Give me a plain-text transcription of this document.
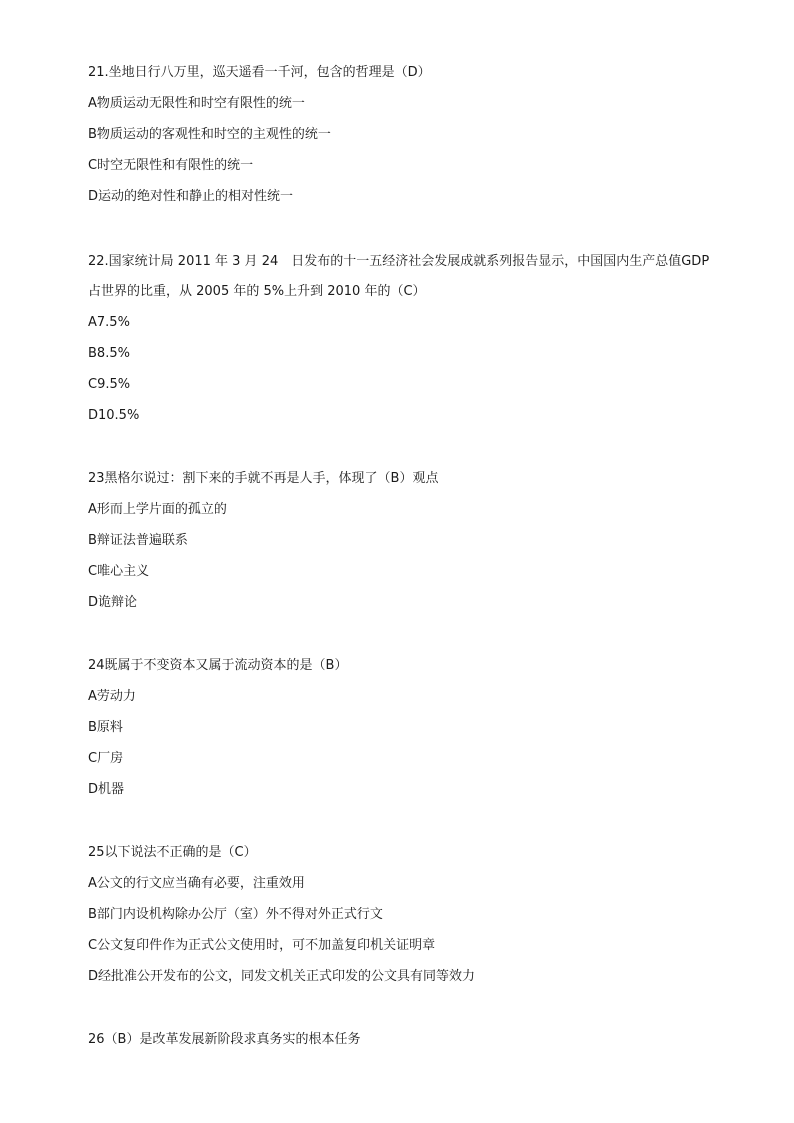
21.坐地日行八万里，巡天遥看一千河，包含的哲理是（D）
A物质运动无限性和时空有限性的统一
B物质运动的客观性和时空的主观性的统一
C时空无限性和有限性的统一
D运动的绝对性和静止的相对性统一
22.国家统计局 2011 年 3 月 24　日发布的十一五经济社会发展成就系列报告显示，中国国内生产总值GDP
占世界的比重，从 2005 年的 5%上升到 2010 年的（C）
A7.5%
B8.5%
C9.5%
D10.5%
23黑格尔说过：割下来的手就不再是人手，体现了（B）观点
A形而上学片面的孤立的
B辩证法普遍联系
C唯心主义
D诡辩论
24既属于不变资本又属于流动资本的是（B）
A劳动力
B原料
C厂房
D机器
25以下说法不正确的是（C）
A公文的行文应当确有必要，注重效用
B部门内设机构除办公厅（室）外不得对外正式行文
C公文复印件作为正式公文使用时，可不加盖复印机关证明章
D经批准公开发布的公文，同发文机关正式印发的公文具有同等效力
26（B）是改革发展新阶段求真务实的根本任务
